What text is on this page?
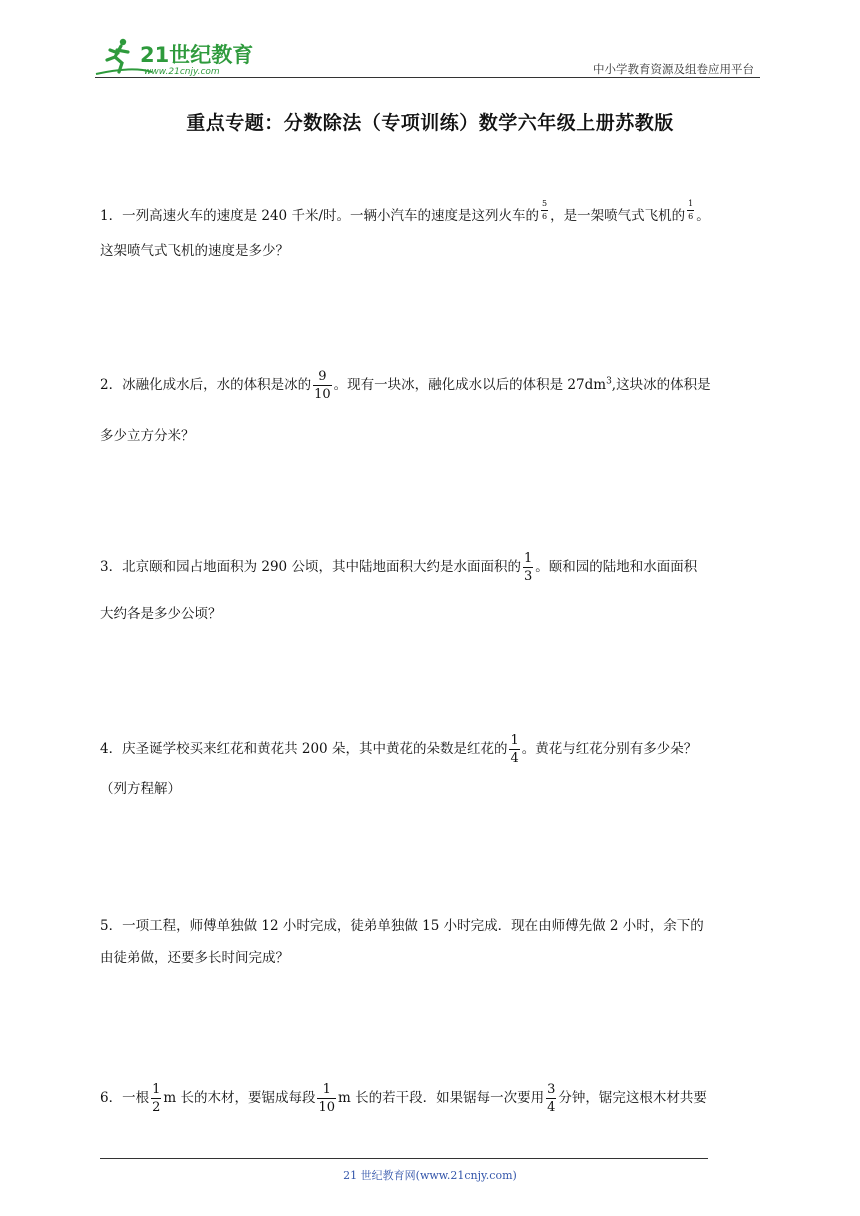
21世纪教育
www.21cnjy.com	中小学教育资源及组卷应用平台
重点专题：分数除法（专项训练）数学六年级上册苏教版
1．一列高速火车的速度是 240 千米/时。一辆小汽车的速度是这列火车的 $\frac{5}{6}$ ，是一架喷气式飞机的 $\frac{1}{6}$ 。
这架喷气式飞机的速度是多少？
2．冰融化成水后，水的体积是冰的 $\frac{9}{10}$ 。现有一块冰，融化成水以后的体积是 $27dm^3$,这块冰的体积是
多少立方分米？
3．北京颐和园占地面积为 290 公顷，其中陆地面积大约是水面面积的 $\frac{1}{3}$ 。颐和园的陆地和水面面积
大约各是多少公顷？
4．庆圣诞学校买来红花和黄花共 200 朵，其中黄花的朵数是红花的 $\frac{1}{4}$ 。黄花与红花分别有多少朵？
（列方程解）
5．一项工程，师傅单独做 12 小时完成，徒弟单独做 15 小时完成．现在由师傅先做 2 小时，余下的
由徒弟做，还要多长时间完成？
6．一根 $\frac{1}{2}$ m 长的木材，要锯成每段 $\frac{1}{10}$ m 长的若干段．如果锯每一次要用 $\frac{3}{4}$ 分钟，锯完这根木材共要
21 世纪教育网(www.21cnjy.com)
